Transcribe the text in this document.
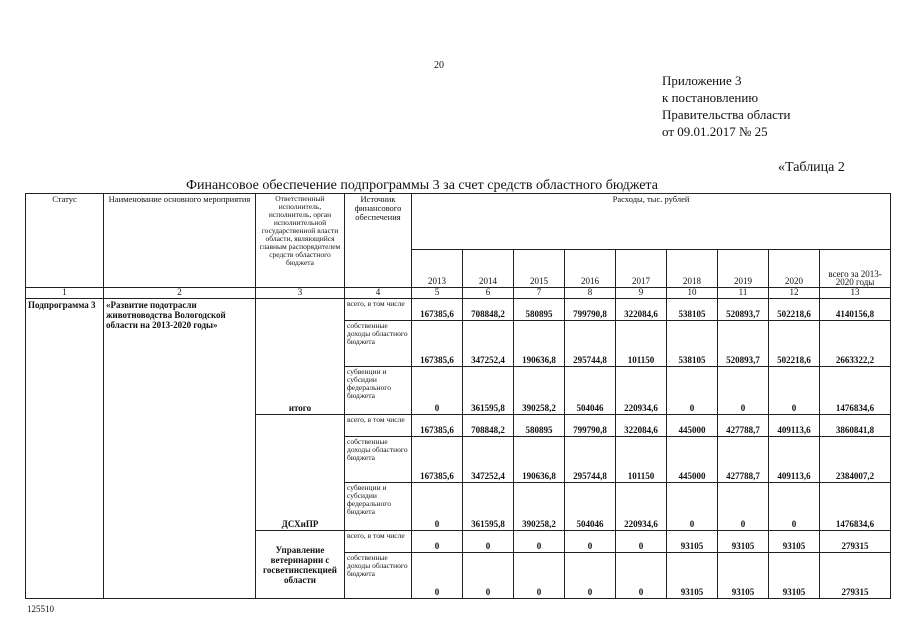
20
Приложение 3
к постановлению
Правительства области
от 09.01.2017 № 25
«Таблица 2
Финансовое обеспечение подпрограммы 3 за счет средств областного бюджета
Статус	Наименование основного мероприятия	Ответственный исполнитель, исполнитель, орган исполнительной государственной власти области, являющийся главным распорядителем средств областного бюджета	Источник финансового обеспечения	Расходы, тыс. рублей								
				2013	2014	2015	2016	2017	2018	2019	2020	всего за 2013-2020 годы
1	2	3	4	5	6	7	8	9	10	11	12	13
Подпрограмма 3	«Развитие подотрасли животноводства Вологодской области на 2013-2020 годы»	итого	всего, в том числе	167385,6	708848,2	580895	799790,8	322084,6	538105	520893,7	502218,6	4140156,8
			собственные доходы областного бюджета	167385,6	347252,4	190636,8	295744,8	101150	538105	520893,7	502218,6	2663322,2
			субвенции и субсидии федерального бюджета	0	361595,8	390258,2	504046	220934,6	0	0	0	1476834,6
		ДСХиПР	всего, в том числе	167385,6	708848,2	580895	799790,8	322084,6	445000	427788,7	409113,6	3860841,8
			собственные доходы областного бюджета	167385,6	347252,4	190636,8	295744,8	101150	445000	427788,7	409113,6	2384007,2
			субвенции и субсидии федерального бюджета	0	361595,8	390258,2	504046	220934,6	0	0	0	1476834,6
		Управление ветеринарии с госветинспекцией области	всего, в том числе	0	0	0	0	0	93105	93105	93105	279315
			собственные доходы областного бюджета	0	0	0	0	0	93105	93105	93105	279315
125510
